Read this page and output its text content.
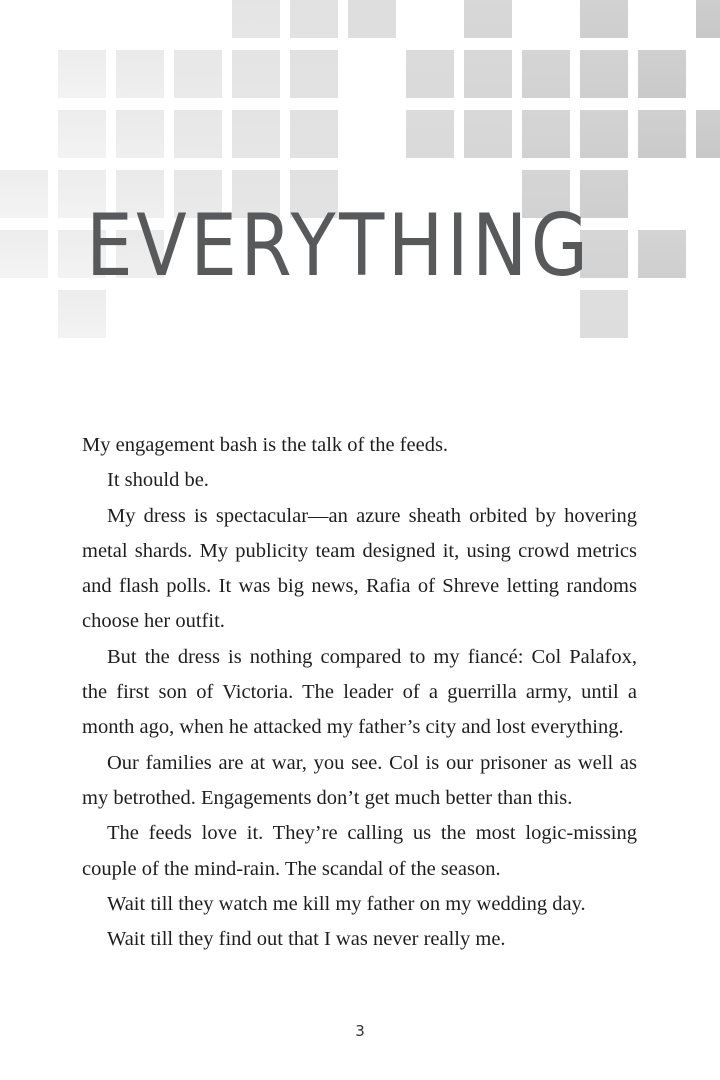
EVERYTHING

My engagement bash is the talk of the feeds.

It should be.

My dress is spectacular—an azure sheath orbited by hovering metal shards. My publicity team designed it, using crowd metrics and flash polls. It was big news, Rafia of Shreve letting randoms choose her outfit.

But the dress is nothing compared to my fiancé: Col Palafox, the first son of Victoria. The leader of a guerrilla army, until a month ago, when he attacked my father’s city and lost everything.

Our families are at war, you see. Col is our prisoner as well as my betrothed. Engagements don’t get much better than this.

The feeds love it. They’re calling us the most logic-missing couple of the mind-rain. The scandal of the season.

Wait till they watch me kill my father on my wedding day.

Wait till they find out that I was never really me.

3
